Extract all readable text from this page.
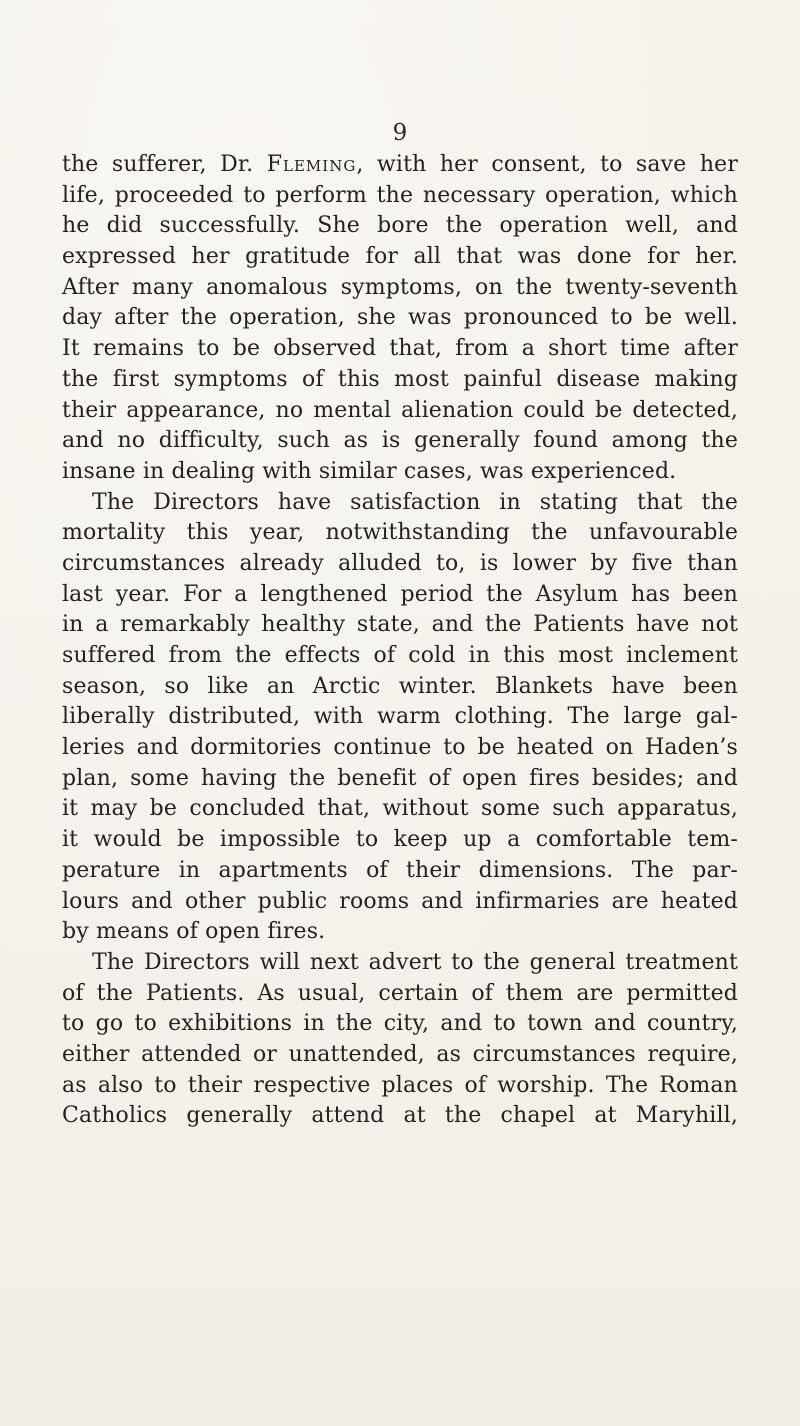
9
the sufferer, Dr. Fleming, with her consent, to save her
life, proceeded to perform the necessary operation, which
he did successfully. She bore the operation well, and
expressed her gratitude for all that was done for her.
After many anomalous symptoms, on the twenty-seventh
day after the operation, she was pronounced to be well.
It remains to be observed that, from a short time after
the first symptoms of this most painful disease making
their appearance, no mental alienation could be detected,
and no difficulty, such as is generally found among the
insane in dealing with similar cases, was experienced.
The Directors have satisfaction in stating that the
mortality this year, notwithstanding the unfavourable
circumstances already alluded to, is lower by five than
last year. For a lengthened period the Asylum has been
in a remarkably healthy state, and the Patients have not
suffered from the effects of cold in this most inclement
season, so like an Arctic winter. Blankets have been
liberally distributed, with warm clothing. The large gal-
leries and dormitories continue to be heated on Haden’s
plan, some having the benefit of open fires besides; and
it may be concluded that, without some such apparatus,
it would be impossible to keep up a comfortable tem-
perature in apartments of their dimensions. The par-
lours and other public rooms and infirmaries are heated
by means of open fires.
The Directors will next advert to the general treatment
of the Patients. As usual, certain of them are permitted
to go to exhibitions in the city, and to town and country,
either attended or unattended, as circumstances require,
as also to their respective places of worship. The Roman
Catholics generally attend at the chapel at Maryhill,
